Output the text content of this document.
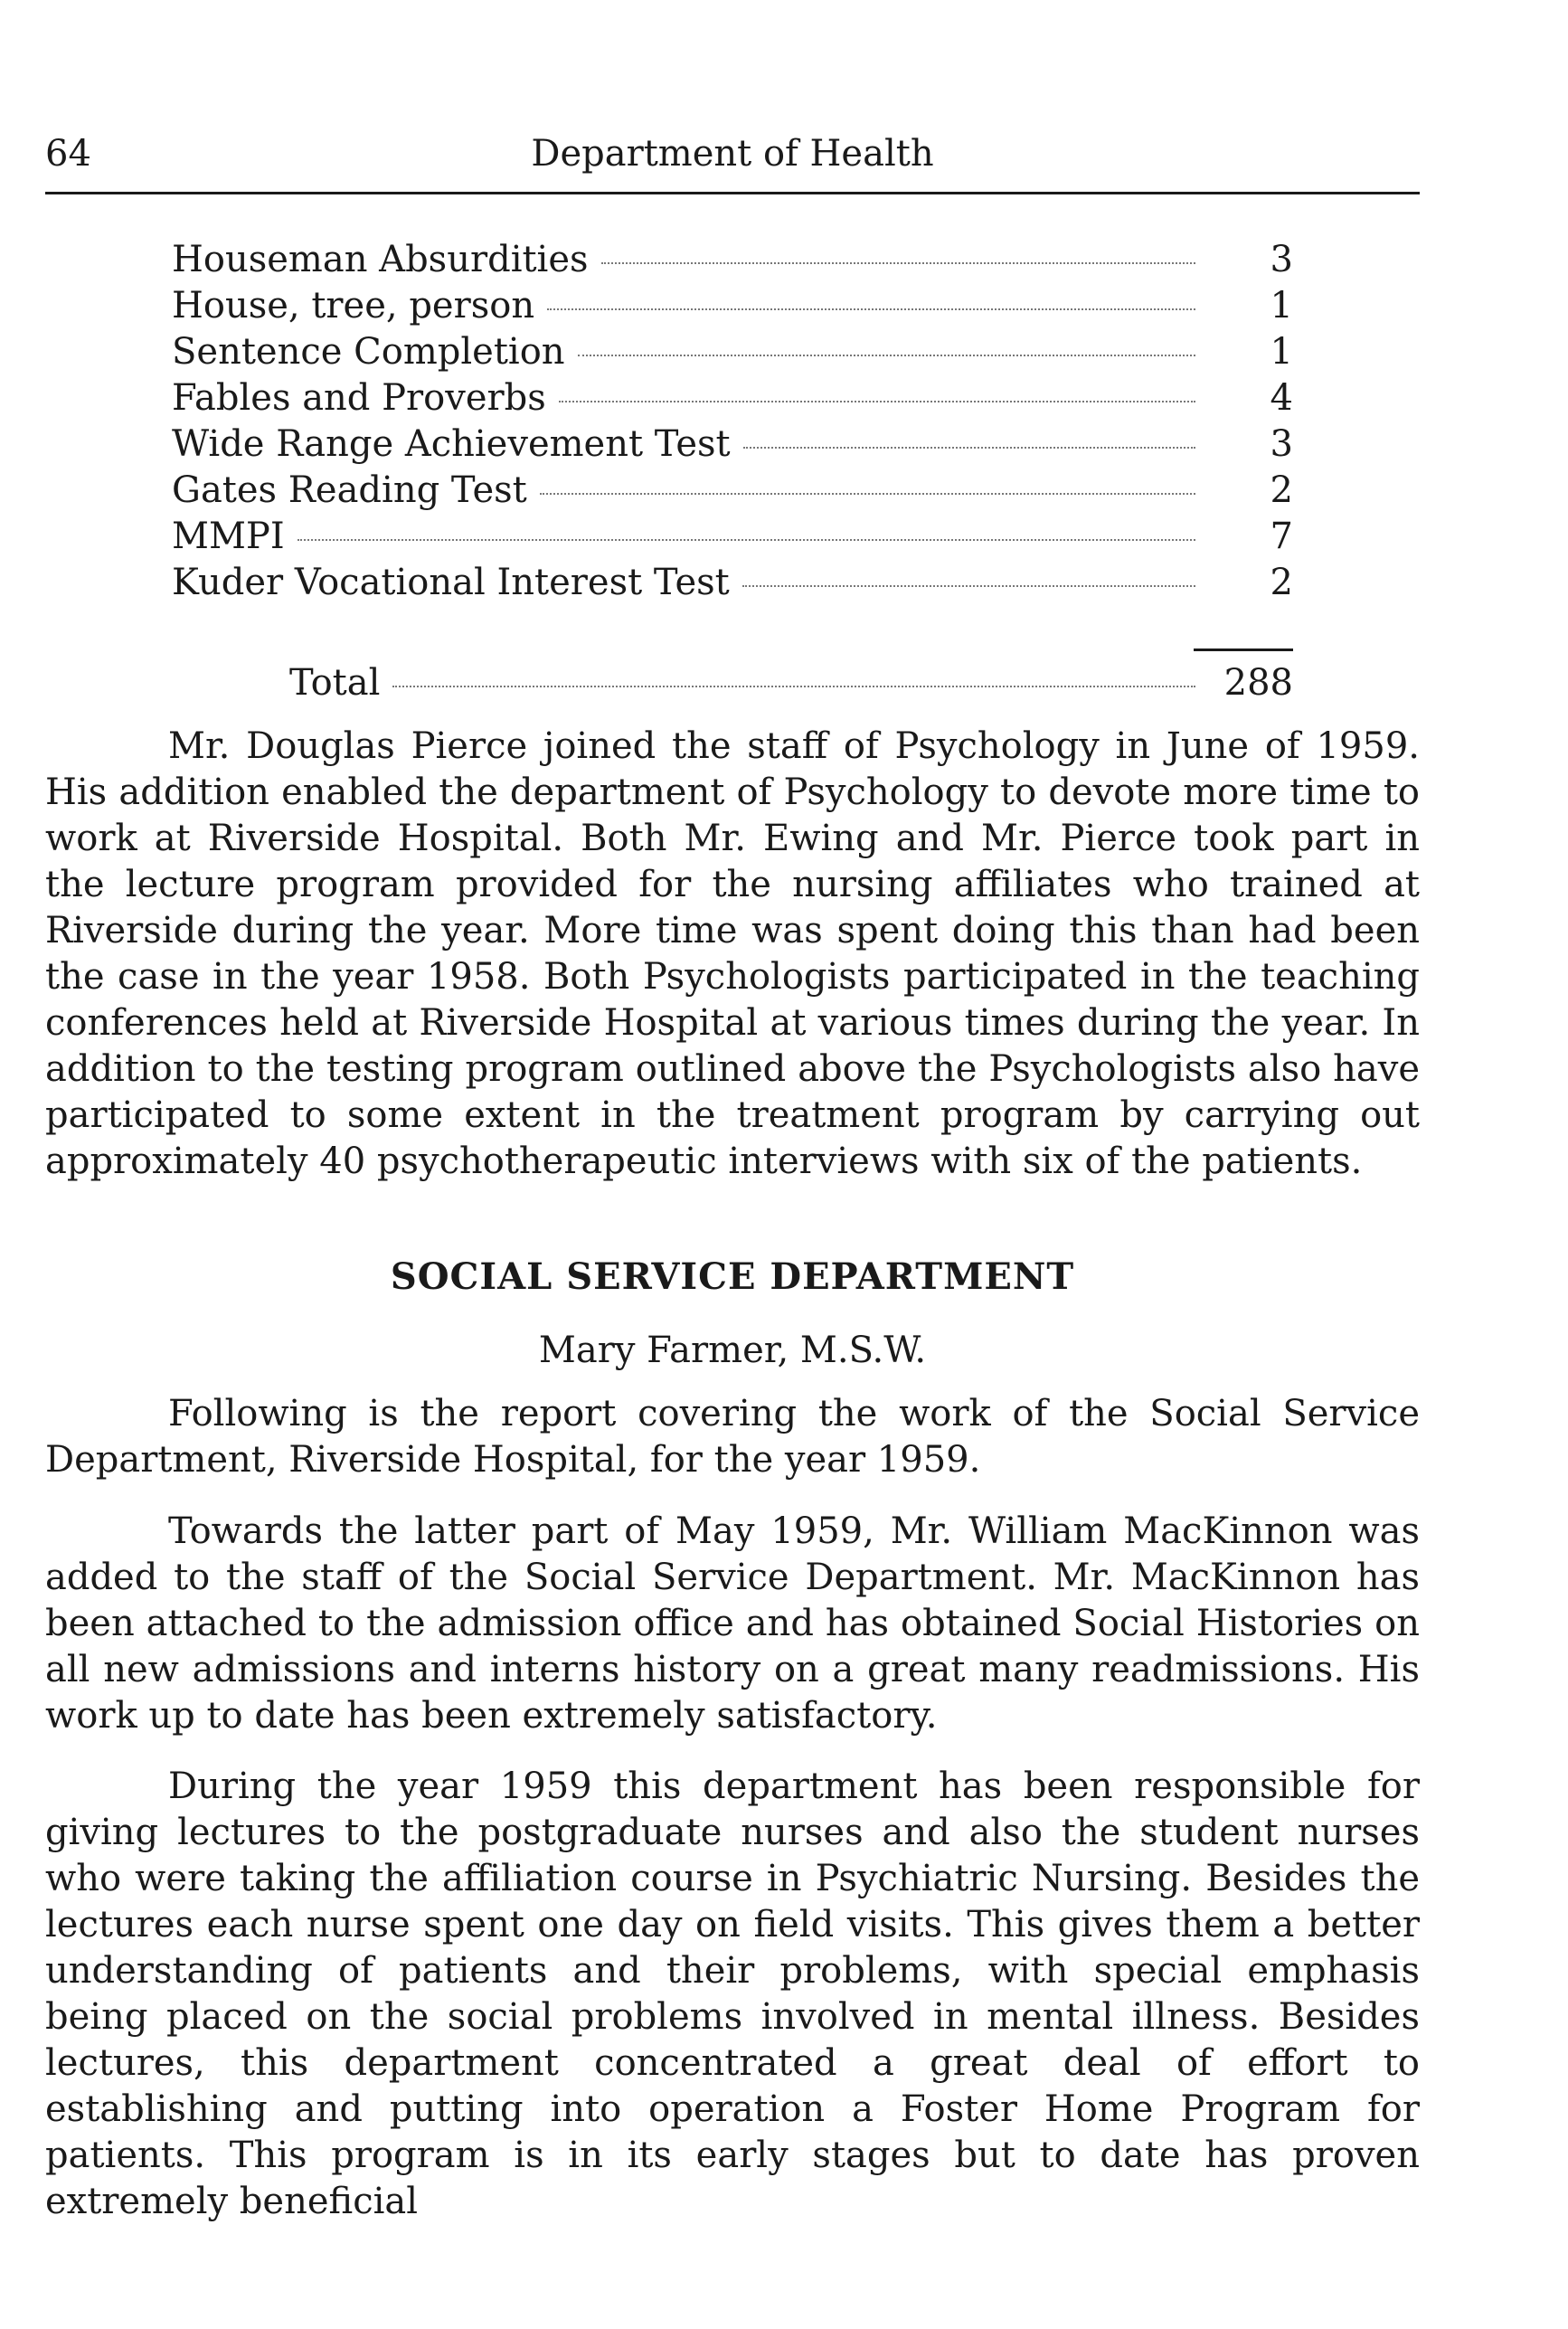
64	Department of Health
Houseman Absurdities	3
House, tree, person	1
Sentence Completion	1
Fables and Proverbs	4
Wide Range Achievement Test	3
Gates Reading Test	2
MMPI	7
Kuder Vocational Interest Test	2
Total	288
Mr. Douglas Pierce joined the staff of Psychology in June of 1959. His addition enabled the department of Psychology to devote more time to work at Riverside Hospital. Both Mr. Ewing and Mr. Pierce took part in the lecture program provided for the nursing affiliates who trained at Riverside during the year. More time was spent doing this than had been the case in the year 1958. Both Psychologists participated in the teaching conferences held at Riverside Hospital at various times during the year. In addition to the testing program outlined above the Psychologists also have participated to some extent in the treatment program by carrying out approximately 40 psychotherapeutic interviews with six of the patients.
SOCIAL SERVICE DEPARTMENT
Mary Farmer, M.S.W.
Following is the report covering the work of the Social Service Department, Riverside Hospital, for the year 1959.
Towards the latter part of May 1959, Mr. William MacKinnon was added to the staff of the Social Service Department. Mr. MacKinnon has been attached to the admission office and has obtained Social Histories on all new admissions and interns history on a great many readmissions. His work up to date has been extremely satisfactory.
During the year 1959 this department has been responsible for giving lectures to the postgraduate nurses and also the student nurses who were taking the affiliation course in Psychiatric Nursing. Besides the lectures each nurse spent one day on field visits. This gives them a better understanding of patients and their problems, with special emphasis being placed on the social problems involved in mental illness. Besides lectures, this department concentrated a great deal of effort to establishing and putting into operation a Foster Home Program for patients. This program is in its early stages but to date has proven extremely beneficial
